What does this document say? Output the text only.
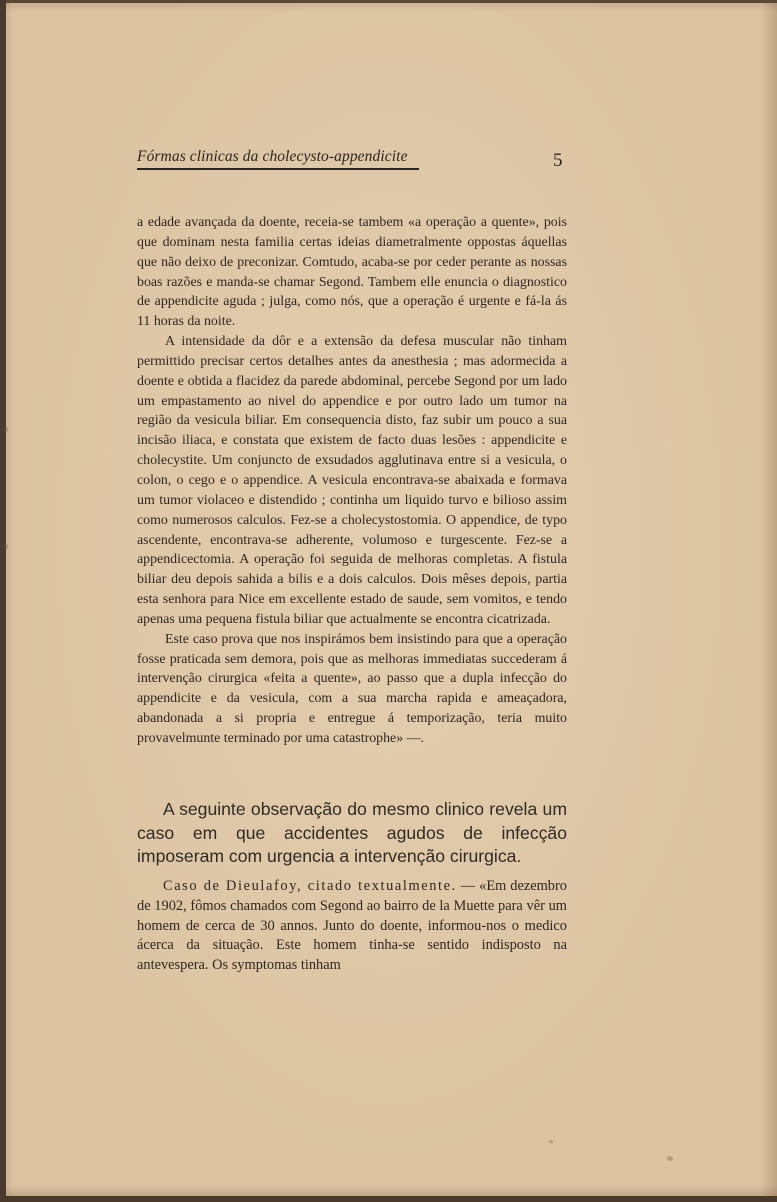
Fórmas clinicas da cholecysto-appendicite	5

a edade avançada da doente, receia-se tambem «a operação a quente», pois que dominam nesta familia certas ideias diametralmente oppostas áquellas que não deixo de preconizar. Comtudo, acaba-se por ceder perante as nossas boas razões e manda-se chamar Segond. Tambem elle enuncia o diagnostico de appendicite aguda ; julga, como nós, que a operação é urgente e fá-la ás 11 horas da noite.

A intensidade da dôr e a extensão da defesa muscular não tinham permittido precisar certos detalhes antes da anesthesia ; mas adormecida a doente e obtida a flacidez da parede abdominal, percebe Segond por um lado um empastamento ao nivel do appendice e por outro lado um tumor na região da vesicula biliar. Em consequencia disto, faz subir um pouco a sua incisão iliaca, e constata que existem de facto duas lesões : appendicite e cholecystite. Um conjuncto de exsudados agglutinava entre si a vesicula, o colon, o cego e o appendice. A vesicula encontrava-se abaixada e formava um tumor violaceo e distendido ; continha um liquido turvo e bilioso assim como numerosos calculos. Fez-se a cholecystostomia. O appendice, de typo ascendente, encontrava-se adherente, volumoso e turgescente. Fez-se a appendicectomia. A operação foi seguida de melhoras completas. A fistula biliar deu depois sahida a bilis e a dois calculos. Dois mêses depois, partia esta senhora para Nice em excellente estado de saude, sem vomitos, e tendo apenas uma pequena fistula biliar que actualmente se encontra cicatrizada.

Este caso prova que nos inspirámos bem insistindo para que a operação fosse praticada sem demora, pois que as melhoras immediatas succederam á intervenção cirurgica «feita a quente», ao passo que a dupla infecção do appendicite e da vesicula, com a sua marcha rapida e ameaçadora, abandonada a si propria e entregue á temporização, teria muito provavelmunte terminado por uma catastrophe» —.

A seguinte observação do mesmo clinico revela um caso em que accidentes agudos de infecção imposeram com urgencia a intervenção cirurgica.

Caso de Dieulafoy, citado textualmente. — «Em dezembro de 1902, fômos chamados com Segond ao bairro de la Muette para vêr um homem de cerca de 30 annos. Junto do doente, informou-nos o medico ácerca da situação. Este homem tinha-se sentido indisposto na antevespera. Os symptomas tinham
